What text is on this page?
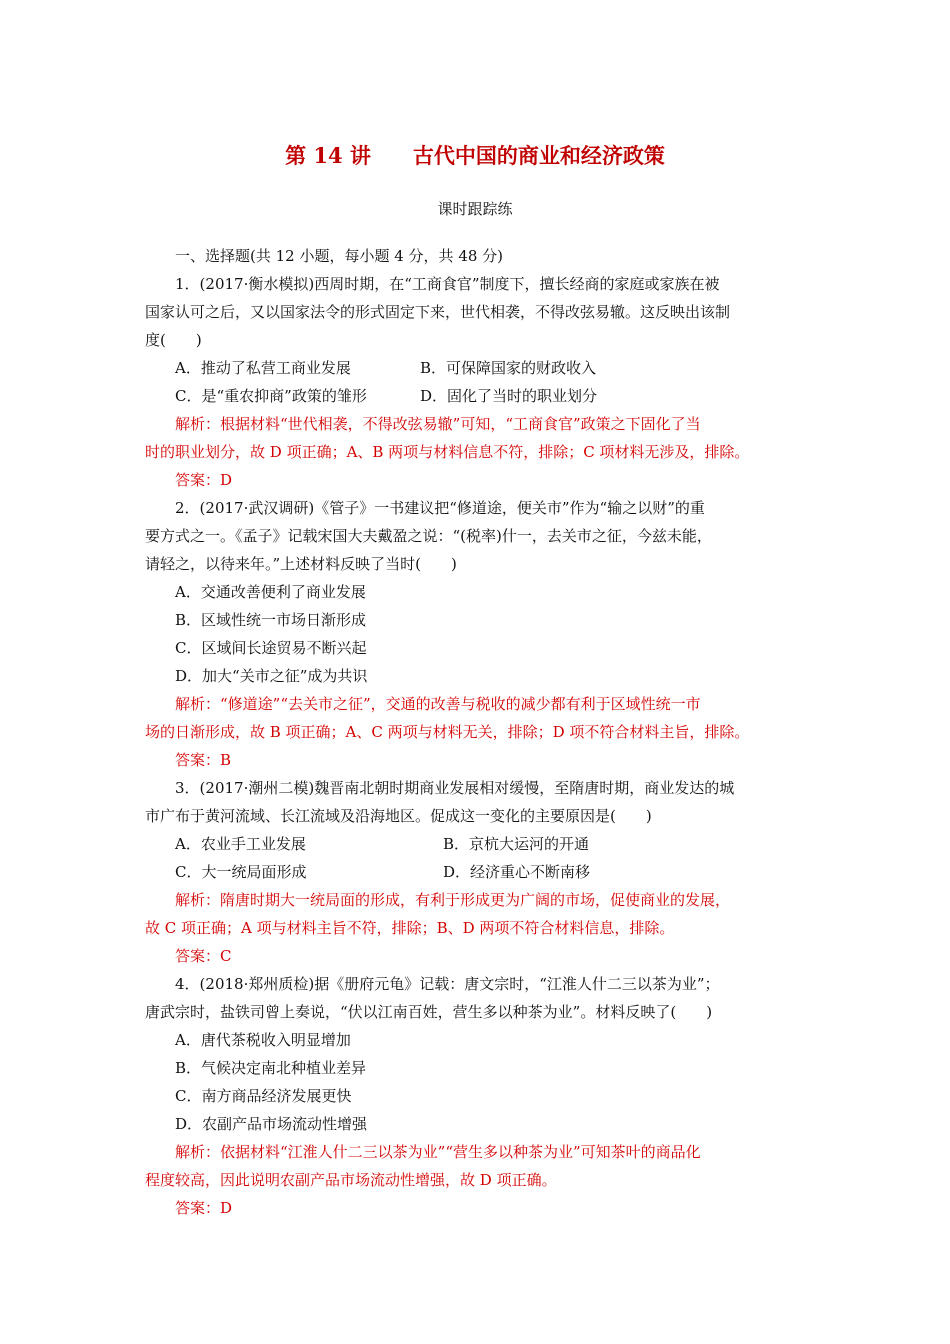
第 14 讲　　古代中国的商业和经济政策
课时跟踪练
一、选择题(共 12 小题，每小题 4 分，共 48 分)
1．(2017·衡水模拟)西周时期，在“工商食官”制度下，擅长经商的家庭或家族在被
国家认可之后，又以国家法令的形式固定下来，世代相袭，不得改弦易辙。这反映出该制
度(　　)
A．推动了私营工商业发展	B．可保障国家的财政收入
C．是“重农抑商”政策的雏形	D．固化了当时的职业划分
解析：根据材料“世代相袭，不得改弦易辙”可知，“工商食官”政策之下固化了当
时的职业划分，故 D 项正确；A、B 两项与材料信息不符，排除；C 项材料无涉及，排除。
答案：D
2．(2017·武汉调研)《管子》一书建议把“修道途，便关市”作为“输之以财”的重
要方式之一。《孟子》记载宋国大夫戴盈之说：“(税率)什一，去关市之征，今兹未能，
请轻之，以待来年。”上述材料反映了当时(　　)
A．交通改善便利了商业发展
B．区域性统一市场日渐形成
C．区域间长途贸易不断兴起
D．加大“关市之征”成为共识
解析：“修道途”“去关市之征”，交通的改善与税收的减少都有利于区域性统一市
场的日渐形成，故 B 项正确；A、C 两项与材料无关，排除；D 项不符合材料主旨，排除。
答案：B
3．(2017·潮州二模)魏晋南北朝时期商业发展相对缓慢，至隋唐时期，商业发达的城
市广布于黄河流域、长江流域及沿海地区。促成这一变化的主要原因是(　　)
A．农业手工业发展	B．京杭大运河的开通
C．大一统局面形成	D．经济重心不断南移
解析：隋唐时期大一统局面的形成，有利于形成更为广阔的市场，促使商业的发展，
故 C 项正确；A 项与材料主旨不符，排除；B、D 两项不符合材料信息，排除。
答案：C
4．(2018·郑州质检)据《册府元龟》记载：唐文宗时，“江淮人什二三以茶为业”；
唐武宗时，盐铁司曾上奏说，“伏以江南百姓，营生多以种茶为业”。材料反映了(　　)
A．唐代茶税收入明显增加
B．气候决定南北种植业差异
C．南方商品经济发展更快
D．农副产品市场流动性增强
解析：依据材料“江淮人什二三以茶为业”“营生多以种茶为业”可知茶叶的商品化
程度较高，因此说明农副产品市场流动性增强，故 D 项正确。
答案：D
